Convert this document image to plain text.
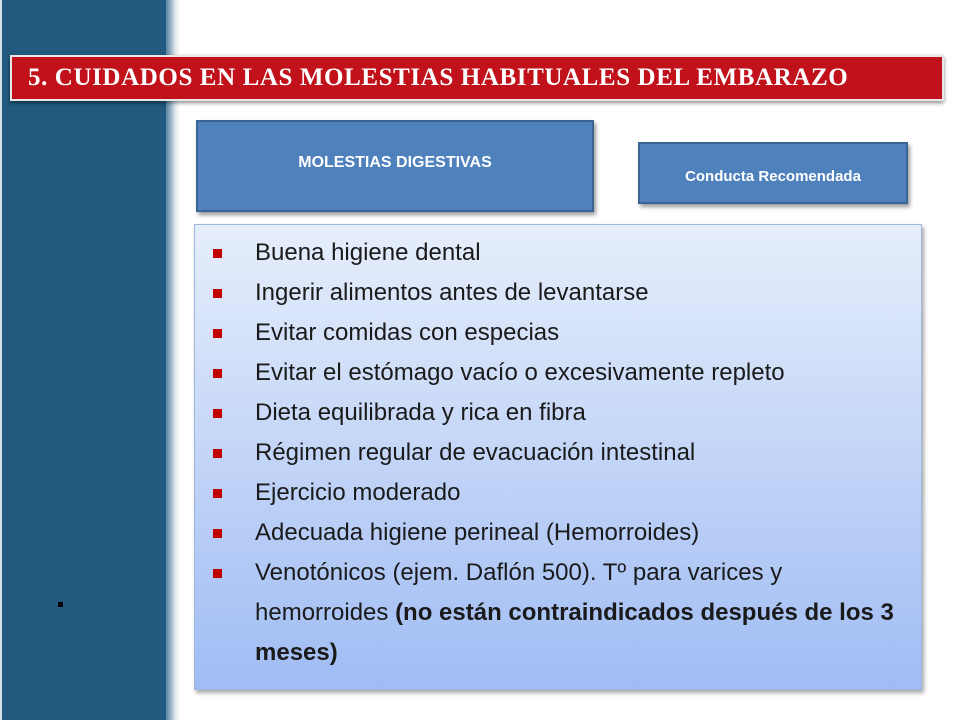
5. CUIDADOS EN LAS MOLESTIAS HABITUALES DEL EMBARAZO
MOLESTIAS DIGESTIVAS
Conducta Recomendada
Buena higiene dental
Ingerir alimentos antes de levantarse
Evitar comidas con especias
Evitar el estómago vacío o excesivamente repleto
Dieta equilibrada y rica en fibra
Régimen regular de evacuación intestinal
Ejercicio moderado
Adecuada higiene perineal (Hemorroides)
Venotónicos (ejem. Daflón 500). Tº para varices y hemorroides (no están contraindicados después de los 3 meses)
